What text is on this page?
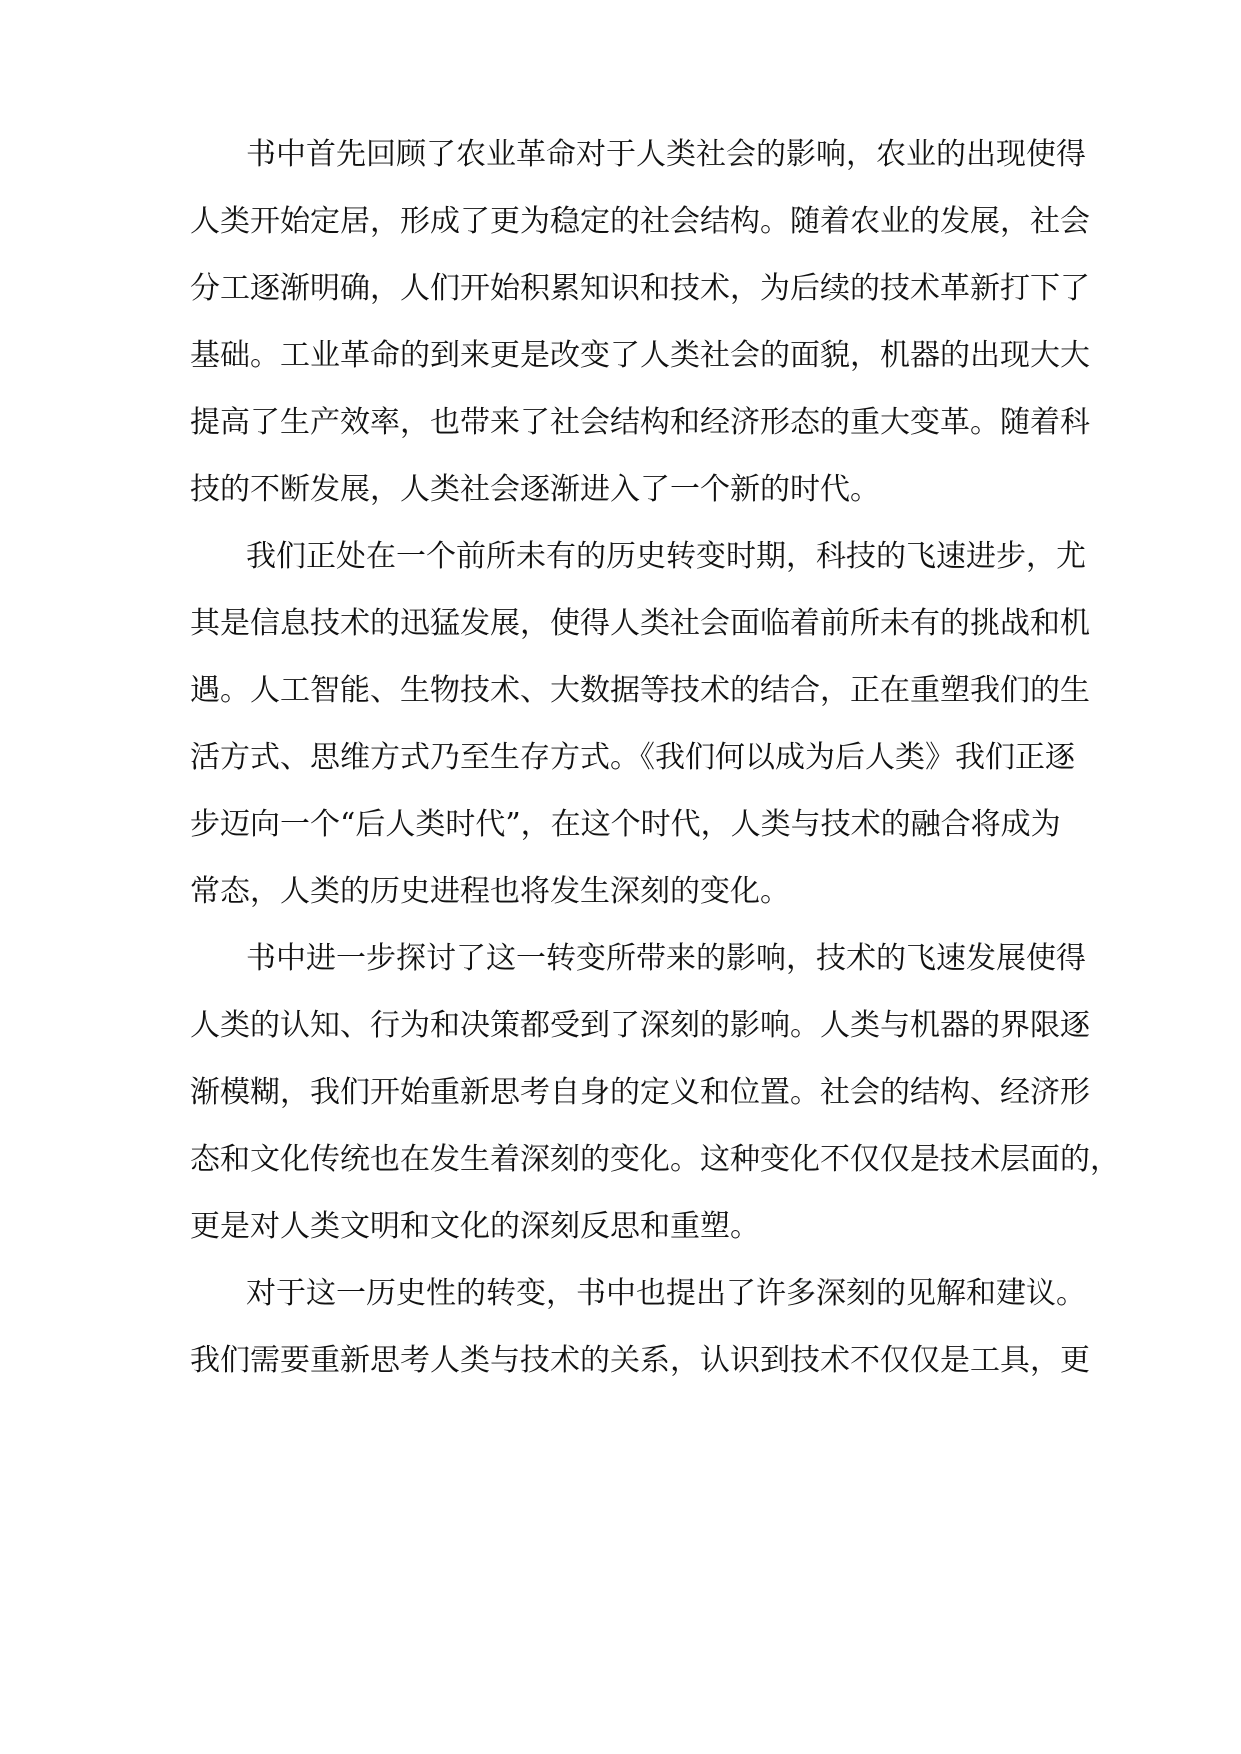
书中首先回顾了农业革命对于人类社会的影响，农业的出现使得
人类开始定居，形成了更为稳定的社会结构。随着农业的发展，社会
分工逐渐明确，人们开始积累知识和技术，为后续的技术革新打下了
基础。工业革命的到来更是改变了人类社会的面貌，机器的出现大大
提高了生产效率，也带来了社会结构和经济形态的重大变革。随着科
技的不断发展，人类社会逐渐进入了一个新的时代。
我们正处在一个前所未有的历史转变时期，科技的飞速进步，尤
其是信息技术的迅猛发展，使得人类社会面临着前所未有的挑战和机
遇。人工智能、生物技术、大数据等技术的结合，正在重塑我们的生
活方式、思维方式乃至生存方式。《我们何以成为后人类》我们正逐
步迈向一个“后人类时代”，在这个时代，人类与技术的融合将成为
常态，人类的历史进程也将发生深刻的变化。
书中进一步探讨了这一转变所带来的影响，技术的飞速发展使得
人类的认知、行为和决策都受到了深刻的影响。人类与机器的界限逐
渐模糊，我们开始重新思考自身的定义和位置。社会的结构、经济形
态和文化传统也在发生着深刻的变化。这种变化不仅仅是技术层面的，
更是对人类文明和文化的深刻反思和重塑。
对于这一历史性的转变，书中也提出了许多深刻的见解和建议。
我们需要重新思考人类与技术的关系，认识到技术不仅仅是工具，更
